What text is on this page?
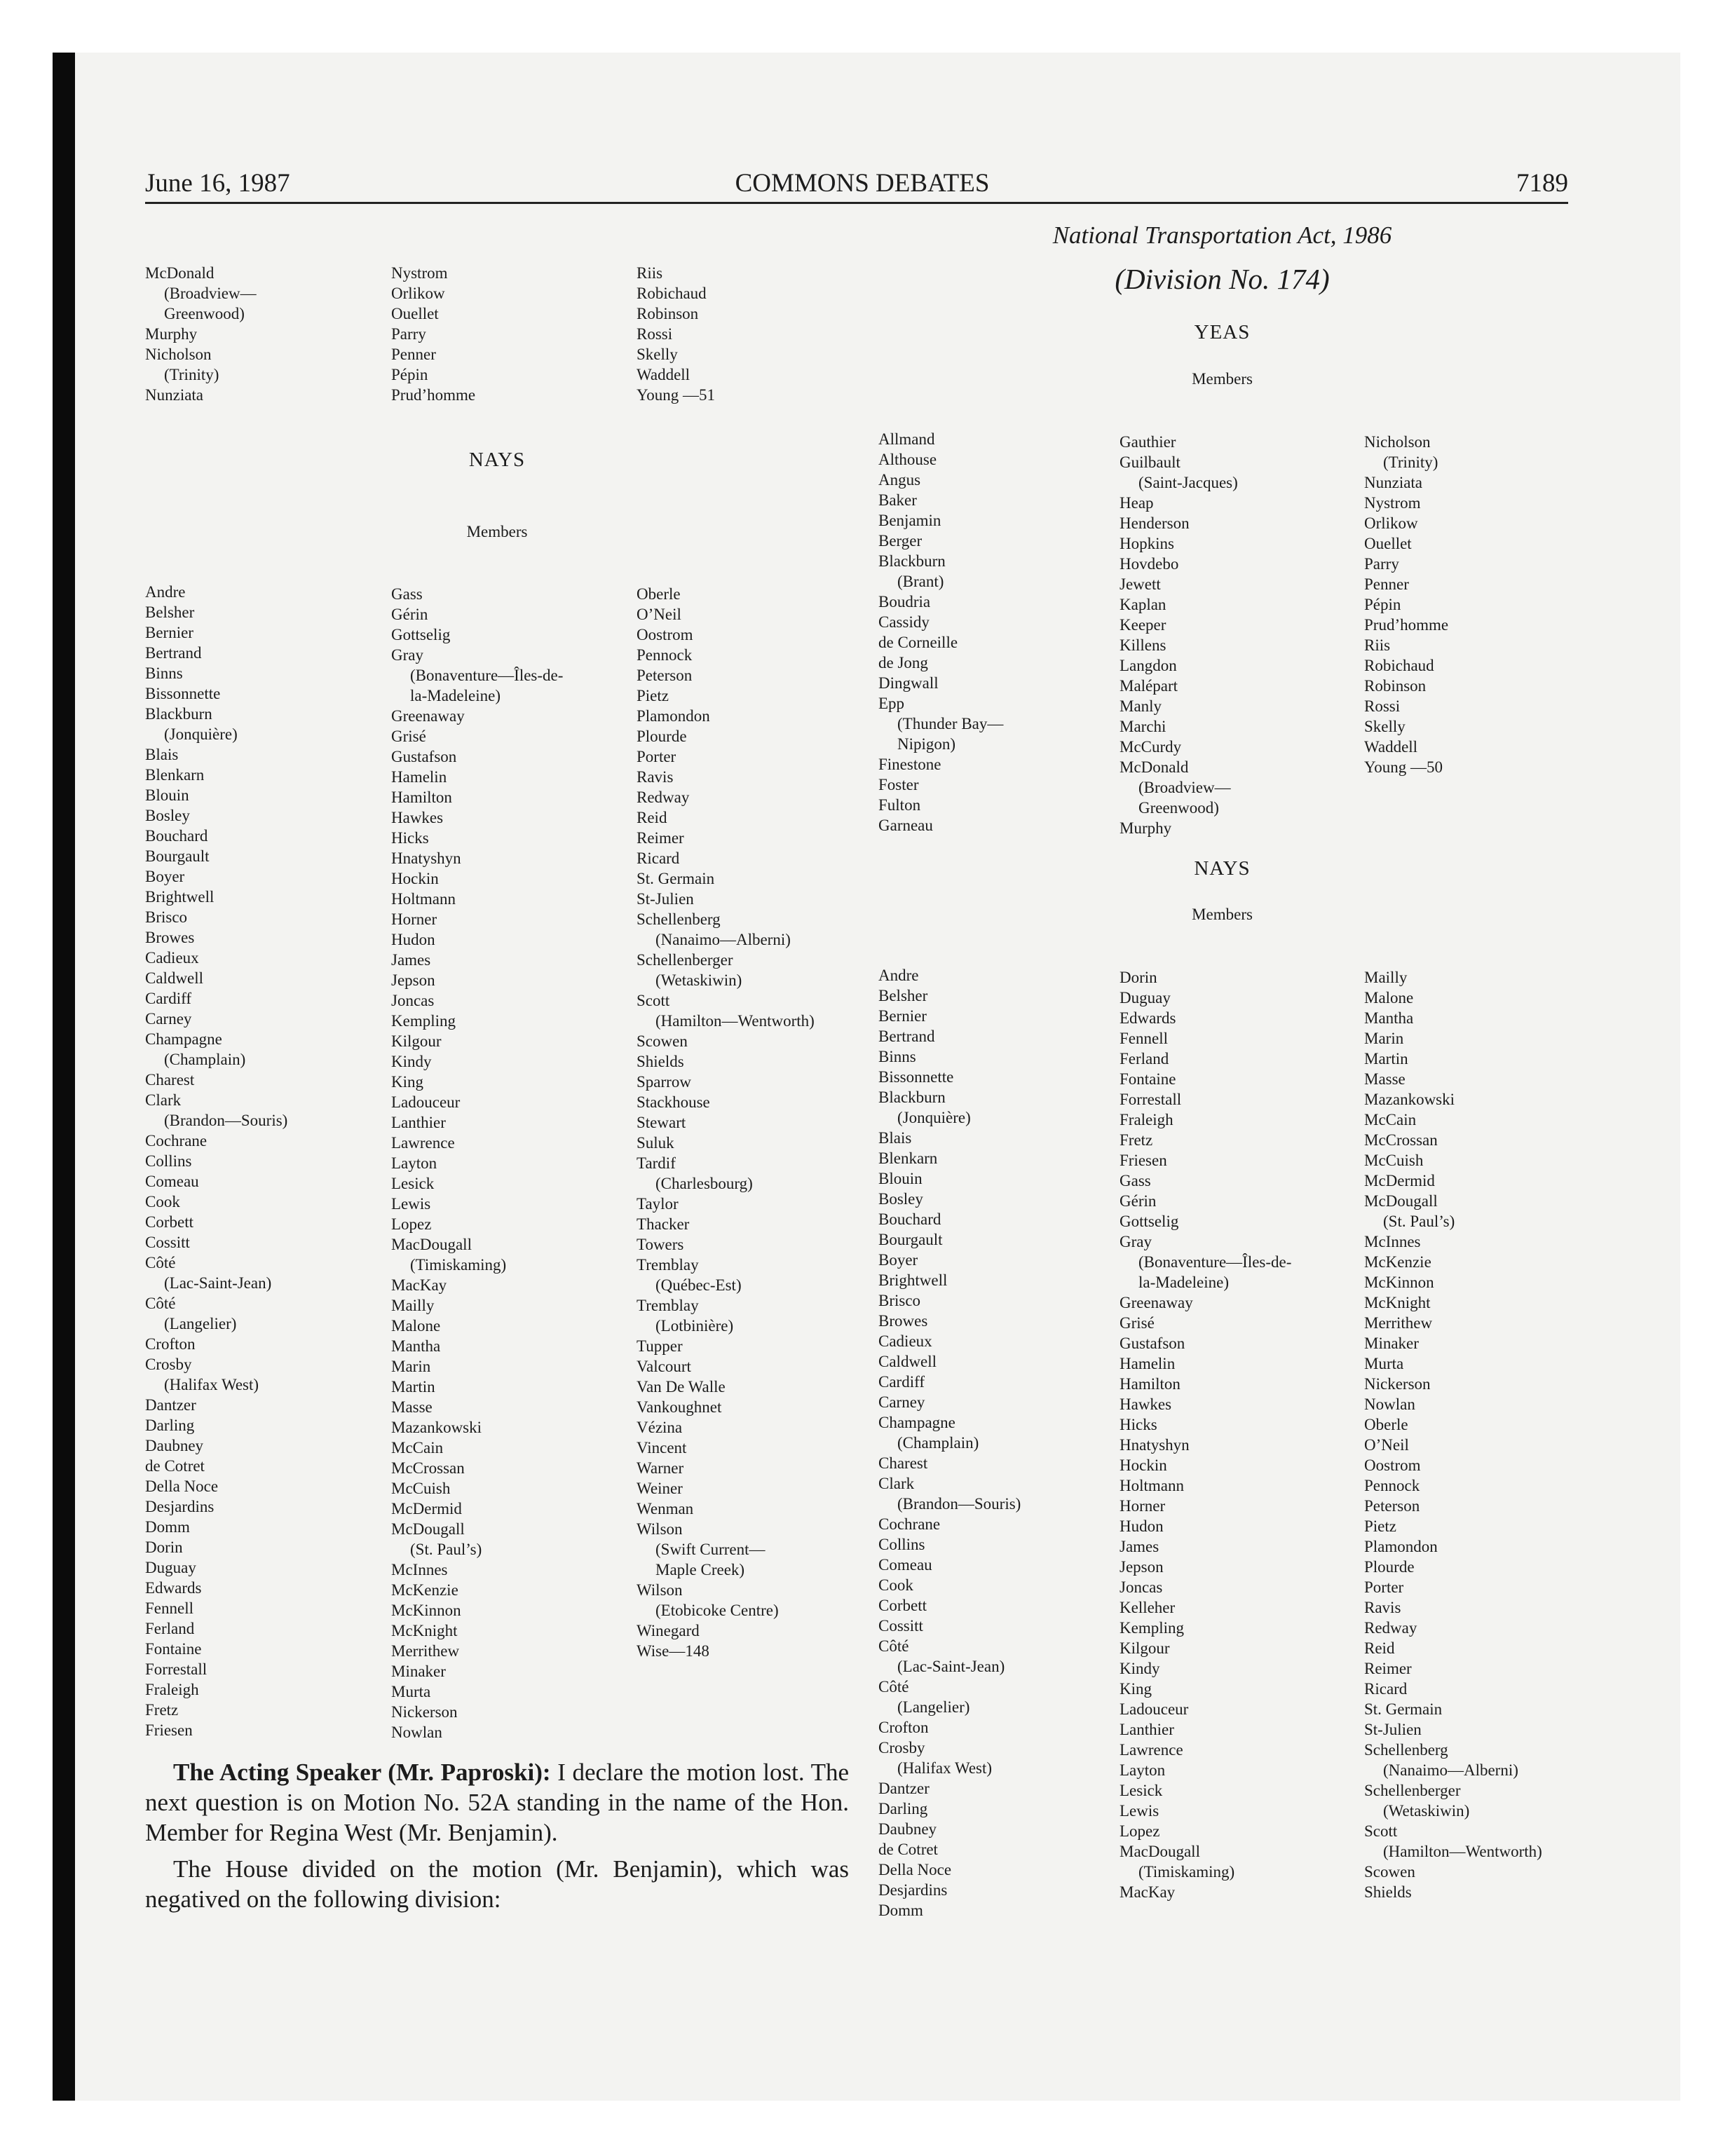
June 16, 1987	COMMONS DEBATES	7189
McDonald
(Broadview—
Greenwood)
Murphy
Nicholson
(Trinity)
Nunziata
Nystrom
Orlikow
Ouellet
Parry
Penner
Pépin
Prud’homme
Riis
Robichaud
Robinson
Rossi
Skelly
Waddell
Young —51
NAYS
Members
Andre
Belsher
Bernier
Bertrand
Binns
Bissonnette
Blackburn
(Jonquière)
Blais
Blenkarn
Blouin
Bosley
Bouchard
Bourgault
Boyer
Brightwell
Brisco
Browes
Cadieux
Caldwell
Cardiff
Carney
Champagne
(Champlain)
Charest
Clark
(Brandon—Souris)
Cochrane
Collins
Comeau
Cook
Corbett
Cossitt
Côté
(Lac-Saint-Jean)
Côté
(Langelier)
Crofton
Crosby
(Halifax West)
Dantzer
Darling
Daubney
de Cotret
Della Noce
Desjardins
Domm
Dorin
Duguay
Edwards
Fennell
Ferland
Fontaine
Forrestall
Fraleigh
Fretz
Friesen
Gass
Gérin
Gottselig
Gray
(Bonaventure—Îles-de-
la-Madeleine)
Greenaway
Grisé
Gustafson
Hamelin
Hamilton
Hawkes
Hicks
Hnatyshyn
Hockin
Holtmann
Horner
Hudon
James
Jepson
Joncas
Kempling
Kilgour
Kindy
King
Ladouceur
Lanthier
Lawrence
Layton
Lesick
Lewis
Lopez
MacDougall
(Timiskaming)
MacKay
Mailly
Malone
Mantha
Marin
Martin
Masse
Mazankowski
McCain
McCrossan
McCuish
McDermid
McDougall
(St. Paul’s)
McInnes
McKenzie
McKinnon
McKnight
Merrithew
Minaker
Murta
Nickerson
Nowlan
Oberle
O’Neil
Oostrom
Pennock
Peterson
Pietz
Plamondon
Plourde
Porter
Ravis
Redway
Reid
Reimer
Ricard
St. Germain
St-Julien
Schellenberg
(Nanaimo—Alberni)
Schellenberger
(Wetaskiwin)
Scott
(Hamilton—Wentworth)
Scowen
Shields
Sparrow
Stackhouse
Stewart
Suluk
Tardif
(Charlesbourg)
Taylor
Thacker
Towers
Tremblay
(Québec-Est)
Tremblay
(Lotbinière)
Tupper
Valcourt
Van De Walle
Vankoughnet
Vézina
Vincent
Warner
Weiner
Wenman
Wilson
(Swift Current—
Maple Creek)
Wilson
(Etobicoke Centre)
Winegard
Wise—148

The Acting Speaker (Mr. Paproski): I declare the motion lost. The next question is on Motion No. 52A standing in the name of the Hon. Member for Regina West (Mr. Benjamin).

The House divided on the motion (Mr. Benjamin), which was negatived on the following division:

National Transportation Act, 1986
(Division No. 174)
YEAS
Members
Allmand
Althouse
Angus
Baker
Benjamin
Berger
Blackburn
(Brant)
Boudria
Cassidy
de Corneille
de Jong
Dingwall
Epp
(Thunder Bay—
Nipigon)
Finestone
Foster
Fulton
Garneau
Gauthier
Guilbault
(Saint-Jacques)
Heap
Henderson
Hopkins
Hovdebo
Jewett
Kaplan
Keeper
Killens
Langdon
Malépart
Manly
Marchi
McCurdy
McDonald
(Broadview—
Greenwood)
Murphy
Nicholson
(Trinity)
Nunziata
Nystrom
Orlikow
Ouellet
Parry
Penner
Pépin
Prud’homme
Riis
Robichaud
Robinson
Rossi
Skelly
Waddell
Young —50
NAYS
Members
Andre
Belsher
Bernier
Bertrand
Binns
Bissonnette
Blackburn
(Jonquière)
Blais
Blenkarn
Blouin
Bosley
Bouchard
Bourgault
Boyer
Brightwell
Brisco
Browes
Cadieux
Caldwell
Cardiff
Carney
Champagne
(Champlain)
Charest
Clark
(Brandon—Souris)
Cochrane
Collins
Comeau
Cook
Corbett
Cossitt
Côté
(Lac-Saint-Jean)
Côté
(Langelier)
Crofton
Crosby
(Halifax West)
Dantzer
Darling
Daubney
de Cotret
Della Noce
Desjardins
Domm
Dorin
Duguay
Edwards
Fennell
Ferland
Fontaine
Forrestall
Fraleigh
Fretz
Friesen
Gass
Gérin
Gottselig
Gray
(Bonaventure—Îles-de-
la-Madeleine)
Greenaway
Grisé
Gustafson
Hamelin
Hamilton
Hawkes
Hicks
Hnatyshyn
Hockin
Holtmann
Horner
Hudon
James
Jepson
Joncas
Kelleher
Kempling
Kilgour
Kindy
King
Ladouceur
Lanthier
Lawrence
Layton
Lesick
Lewis
Lopez
MacDougall
(Timiskaming)
MacKay
Mailly
Malone
Mantha
Marin
Martin
Masse
Mazankowski
McCain
McCrossan
McCuish
McDermid
McDougall
(St. Paul’s)
McInnes
McKenzie
McKinnon
McKnight
Merrithew
Minaker
Murta
Nickerson
Nowlan
Oberle
O’Neil
Oostrom
Pennock
Peterson
Pietz
Plamondon
Plourde
Porter
Ravis
Redway
Reid
Reimer
Ricard
St. Germain
St-Julien
Schellenberg
(Nanaimo—Alberni)
Schellenberger
(Wetaskiwin)
Scott
(Hamilton—Wentworth)
Scowen
Shields
